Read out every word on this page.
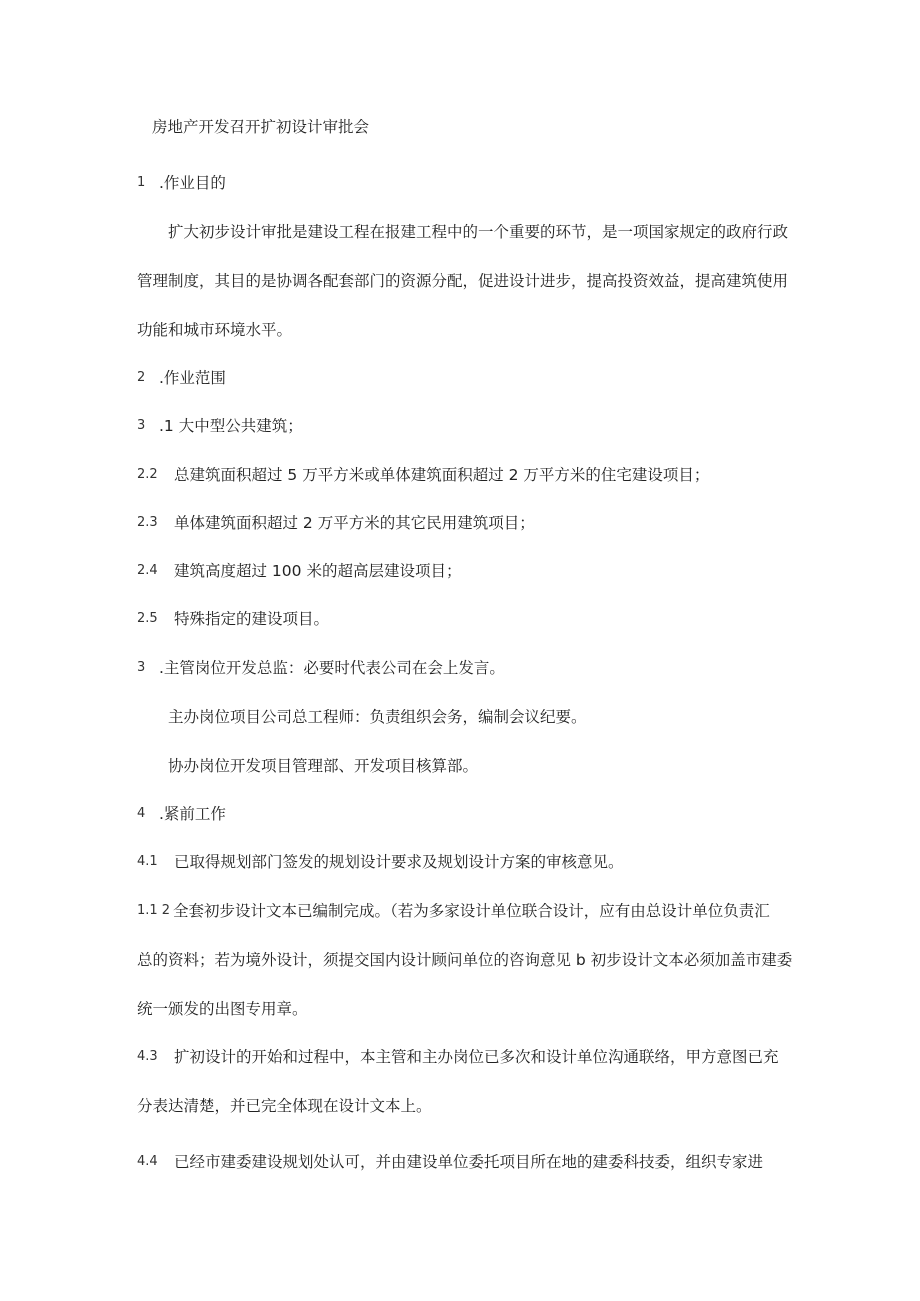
房地产开发召开扩初设计审批会
1 .作业目的
扩大初步设计审批是建设工程在报建工程中的一个重要的环节，是一项国家规定的政府行政
管理制度，其目的是协调各配套部门的资源分配，促进设计进步，提高投资效益，提高建筑使用
功能和城市环境水平。
2 .作业范围
3 .1 大中型公共建筑；
2.2 总建筑面积超过 5 万平方米或单体建筑面积超过 2 万平方米的住宅建设项目；
2.3 单体建筑面积超过 2 万平方米的其它民用建筑项目；
2.4 建筑高度超过 100 米的超高层建设项目；
2.5 特殊指定的建设项目。
3 .主管岗位开发总监：必要时代表公司在会上发言。
主办岗位项目公司总工程师：负责组织会务，编制会议纪要。
协办岗位开发项目管理部、开发项目核算部。
4 .紧前工作
4.1 已取得规划部门签发的规划设计要求及规划设计方案的审核意见。
1.1 2 全套初步设计文本已编制完成。（若为多家设计单位联合设计，应有由总设计单位负责汇
总的资料；若为境外设计，须提交国内设计顾问单位的咨询意见 b 初步设计文本必须加盖市建委
统一颁发的出图专用章。
4.3 扩初设计的开始和过程中，本主管和主办岗位已多次和设计单位沟通联络，甲方意图已充
分表达清楚，并已完全体现在设计文本上。
4.4 已经市建委建设规划处认可，并由建设单位委托项目所在地的建委科技委，组织专家进
